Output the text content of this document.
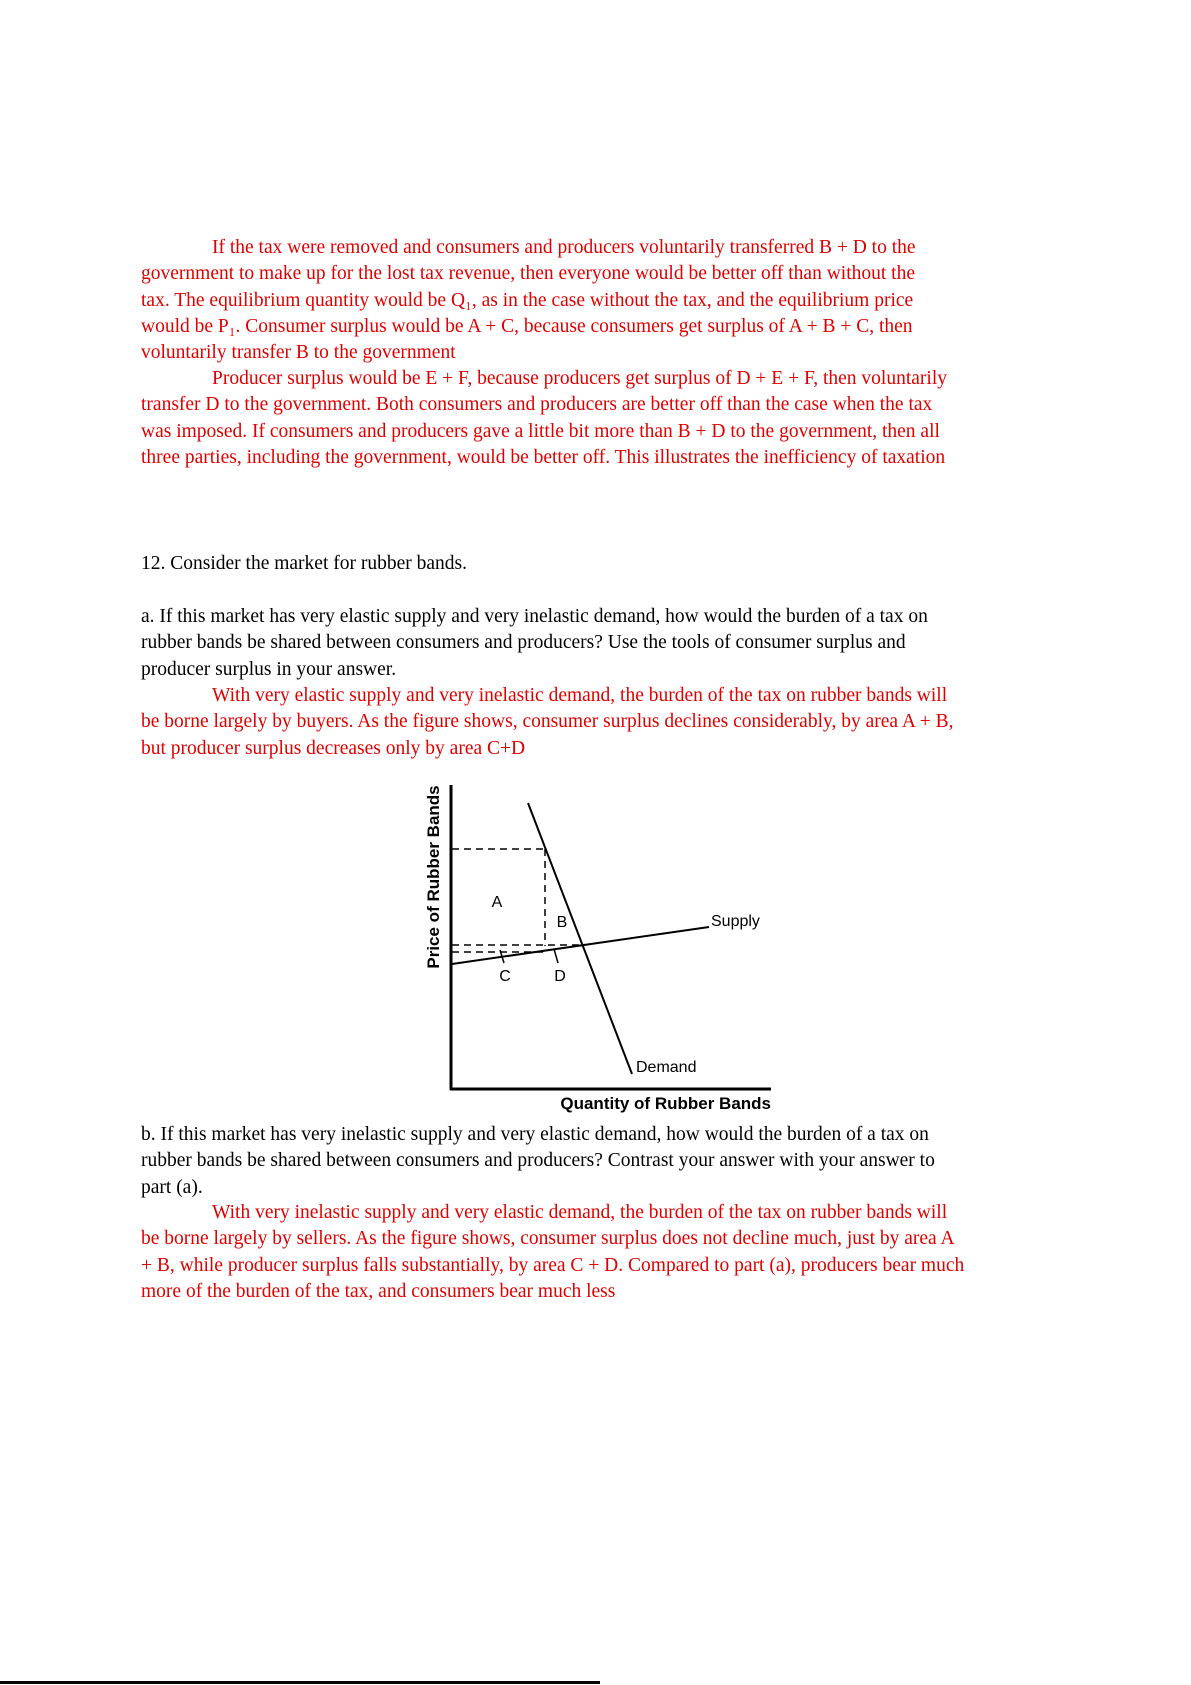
If the tax were removed and consumers and producers voluntarily transferred B + D to the
government to make up for the lost tax revenue, then everyone would be better off than without the
tax. The equilibrium quantity would be Q₁, as in the case without the tax, and the equilibrium price
would be P₁. Consumer surplus would be A + C, because consumers get surplus of A + B + C, then
voluntarily transfer B to the government
Producer surplus would be E + F, because producers get surplus of D + E + F, then voluntarily
transfer D to the government. Both consumers and producers are better off than the case when the tax
was imposed. If consumers and producers gave a little bit more than B + D to the government, then all
three parties, including the government, would be better off. This illustrates the inefficiency of taxation
12. Consider the market for rubber bands.
a. If this market has very elastic supply and very inelastic demand, how would the burden of a tax on
rubber bands be shared between consumers and producers? Use the tools of consumer surplus and
producer surplus in your answer.
With very elastic supply and very inelastic demand, the burden of the tax on rubber bands will
be borne largely by buyers. As the figure shows, consumer surplus declines considerably, by area A + B,
but producer surplus decreases only by area C+D
Price of Rubber Bands
Quantity of Rubber Bands
A
B
C	D
Supply
Demand
b. If this market has very inelastic supply and very elastic demand, how would the burden of a tax on
rubber bands be shared between consumers and producers? Contrast your answer with your answer to
part (a).
With very inelastic supply and very elastic demand, the burden of the tax on rubber bands will
be borne largely by sellers. As the figure shows, consumer surplus does not decline much, just by area A
+ B, while producer surplus falls substantially, by area C + D. Compared to part (a), producers bear much
more of the burden of the tax, and consumers bear much less
